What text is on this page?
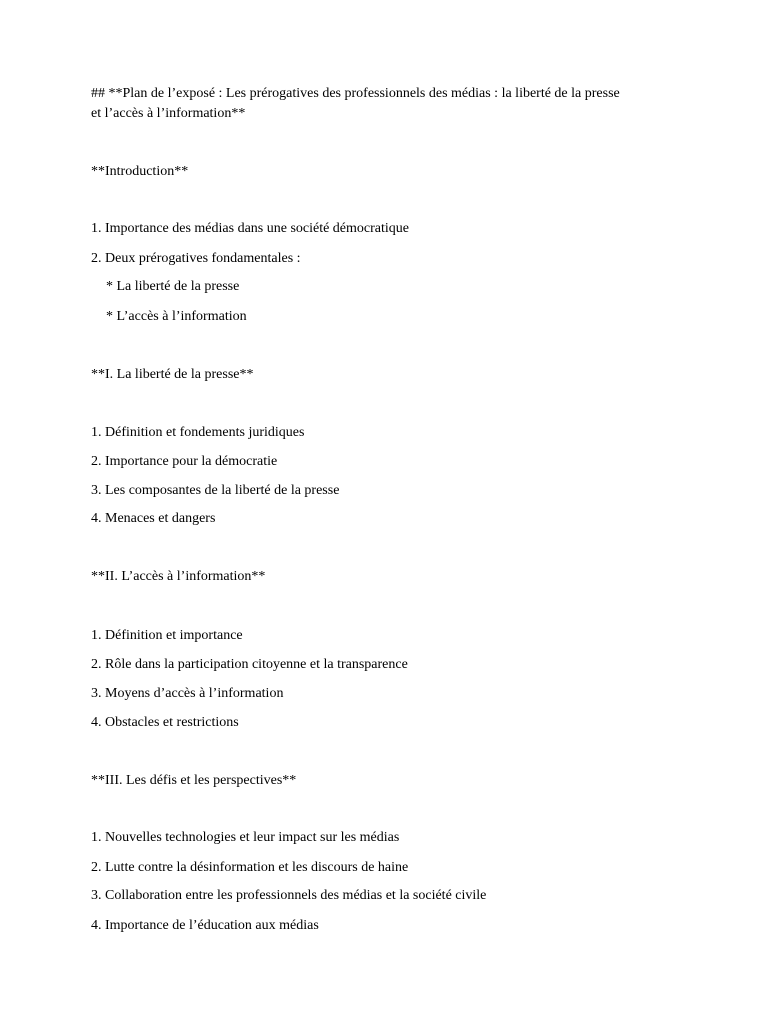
## **Plan de l’exposé : Les prérogatives des professionnels des médias : la liberté de la presse
et l’accès à l’information**
**Introduction**
1. Importance des médias dans une société démocratique
2. Deux prérogatives fondamentales :
* La liberté de la presse
* L’accès à l’information
**I. La liberté de la presse**
1. Définition et fondements juridiques
2. Importance pour la démocratie
3. Les composantes de la liberté de la presse
4. Menaces et dangers
**II. L’accès à l’information**
1. Définition et importance
2. Rôle dans la participation citoyenne et la transparence
3. Moyens d’accès à l’information
4. Obstacles et restrictions
**III. Les défis et les perspectives**
1. Nouvelles technologies et leur impact sur les médias
2. Lutte contre la désinformation et les discours de haine
3. Collaboration entre les professionnels des médias et la société civile
4. Importance de l’éducation aux médias
